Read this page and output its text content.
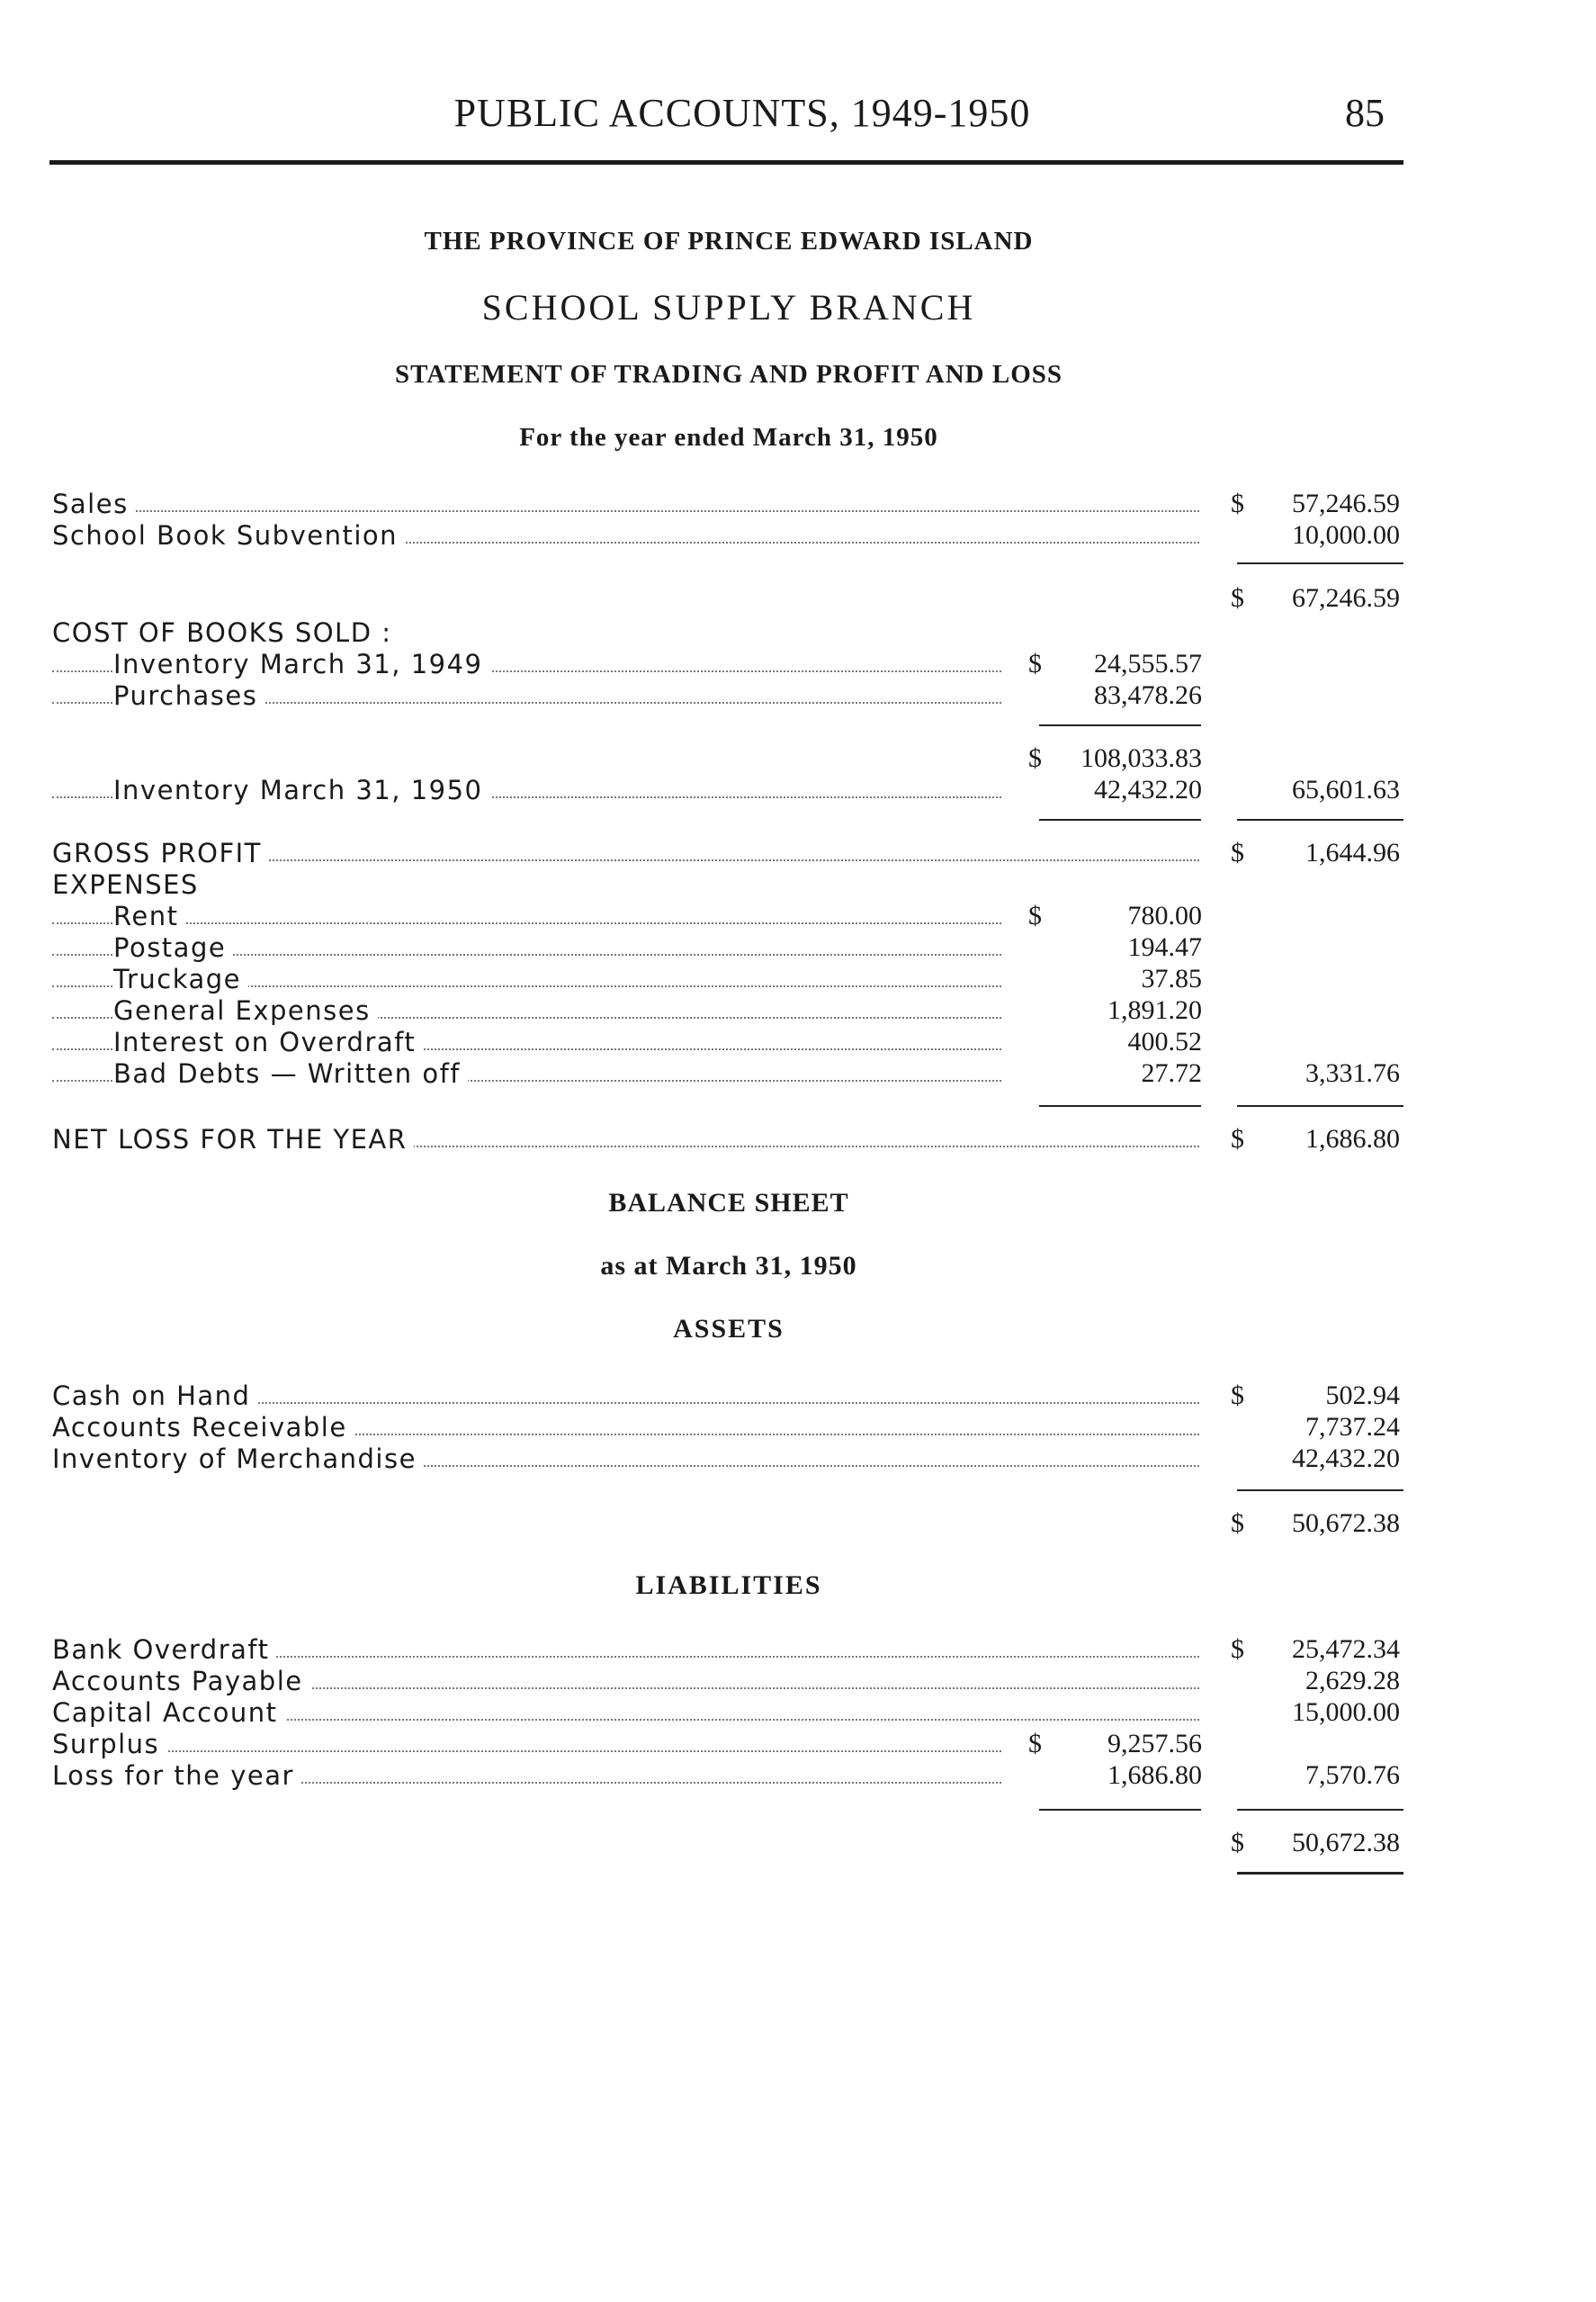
PUBLIC ACCOUNTS, 1949-1950	85
THE PROVINCE OF PRINCE EDWARD ISLAND
SCHOOL SUPPLY BRANCH
STATEMENT OF TRADING AND PROFIT AND LOSS
For the year ended March 31, 1950
Sales	$	57,246.59
School Book Subvention	10,000.00
$	67,246.59
COST OF BOOKS SOLD :
Inventory March 31, 1949	$	24,555.57
Purchases	83,478.26
$	108,033.83
Inventory March 31, 1950	42,432.20	65,601.63
GROSS PROFIT	$	1,644.96
EXPENSES
Rent	$	780.00
Postage	194.47
Truckage	37.85
General Expenses	1,891.20
Interest on Overdraft	400.52
Bad Debts — Written off	27.72	3,331.76
NET LOSS FOR THE YEAR	$	1,686.80
BALANCE SHEET
as at March 31, 1950
ASSETS
Cash on Hand	$	502.94
Accounts Receivable	7,737.24
Inventory of Merchandise	42,432.20
$	50,672.38
LIABILITIES
Bank Overdraft	$	25,472.34
Accounts Payable	2,629.28
Capital Account	15,000.00
Surplus	$	9,257.56
Loss for the year	1,686.80	7,570.76
$	50,672.38
